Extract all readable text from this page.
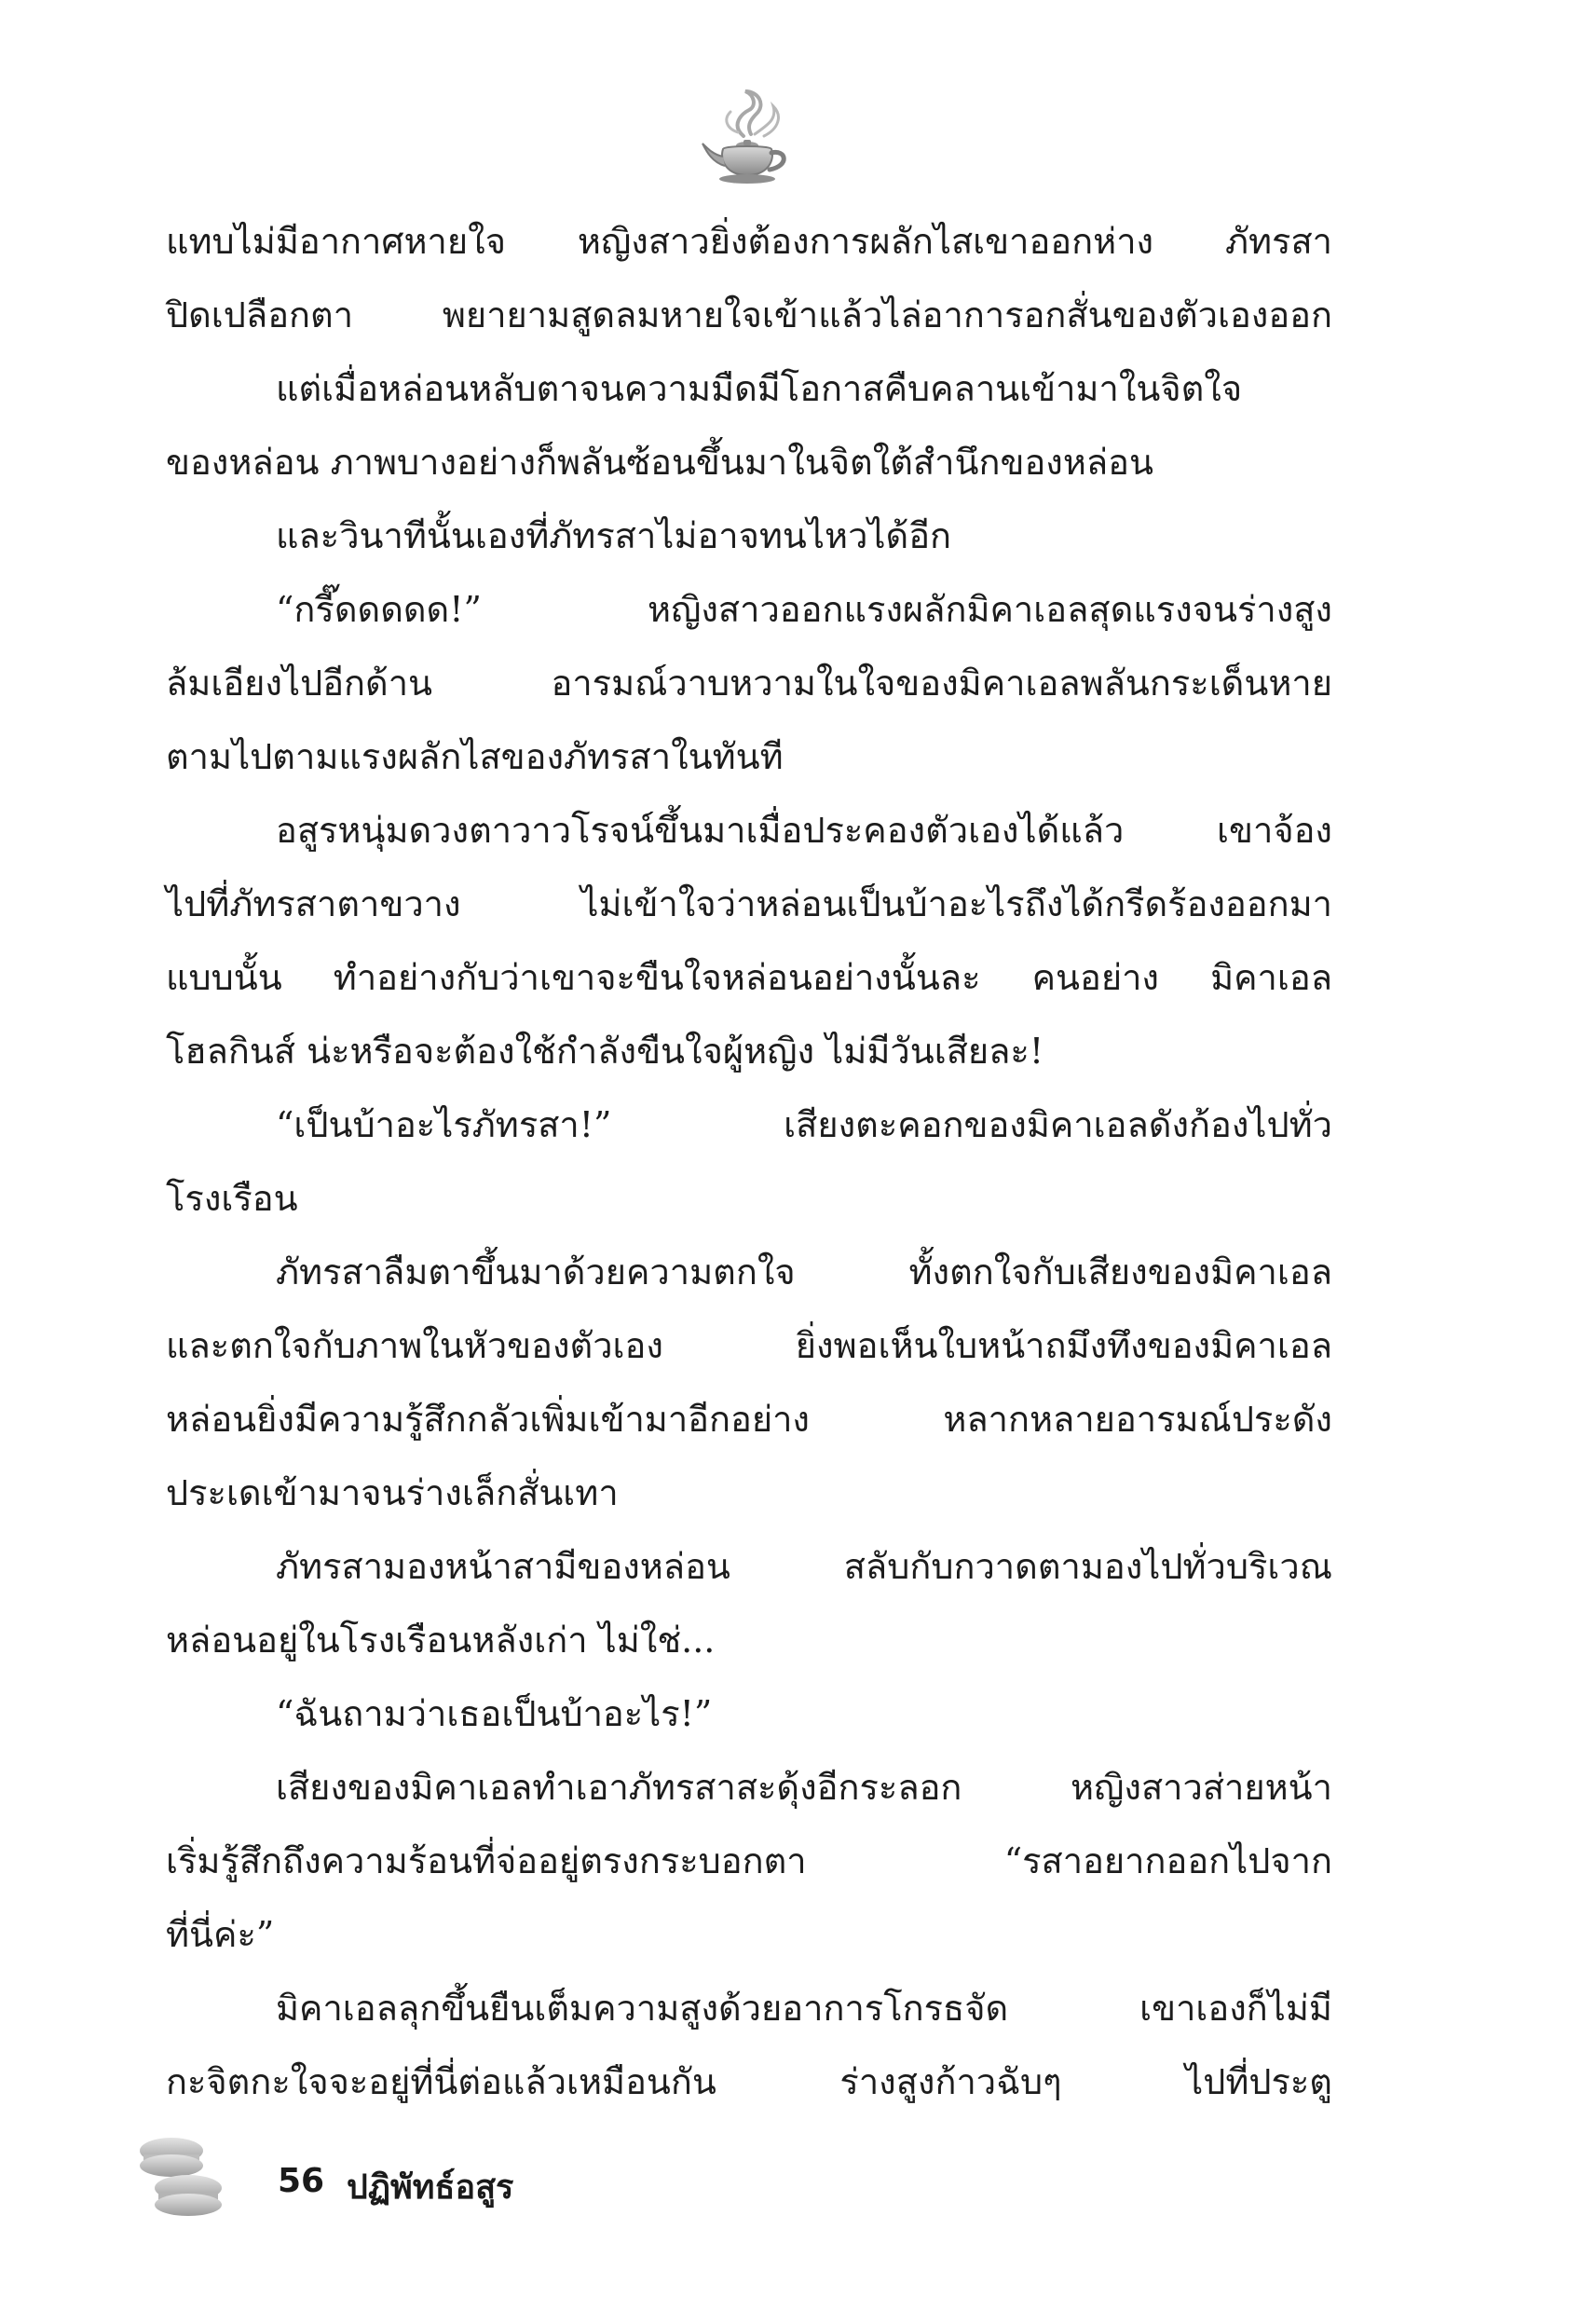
แทบไม่มีอากาศหายใจ หญิงสาวยิ่งต้องการผลักไสเขาออกห่าง ภัทรสา
ปิดเปลือกตา พยายามสูดลมหายใจเข้าแล้วไล่อาการอกสั่นของตัวเองออก
แต่เมื่อหล่อนหลับตาจนความมืดมีโอกาสคืบคลานเข้ามาในจิตใจ
ของหล่อน ภาพบางอย่างก็พลันซ้อนขึ้นมาในจิตใต้สำนึกของหล่อน
และวินาทีนั้นเองที่ภัทรสาไม่อาจทนไหวได้อีก
“กรี๊ดดดดด!” หญิงสาวออกแรงผลักมิคาเอลสุดแรงจนร่างสูง
ล้มเอียงไปอีกด้าน อารมณ์วาบหวามในใจของมิคาเอลพลันกระเด็นหาย
ตามไปตามแรงผลักไสของภัทรสาในทันที
อสูรหนุ่มดวงตาวาวโรจน์ขึ้นมาเมื่อประคองตัวเองได้แล้ว เขาจ้อง
ไปที่ภัทรสาตาขวาง ไม่เข้าใจว่าหล่อนเป็นบ้าอะไรถึงได้กรีดร้องออกมา
แบบนั้น ทำอย่างกับว่าเขาจะขืนใจหล่อนอย่างนั้นละ คนอย่าง มิคาเอล
โฮลกินส์ น่ะหรือจะต้องใช้กำลังขืนใจผู้หญิง ไม่มีวันเสียละ!
“เป็นบ้าอะไรภัทรสา!” เสียงตะคอกของมิคาเอลดังก้องไปทั่ว
โรงเรือน
ภัทรสาลืมตาขึ้นมาด้วยความตกใจ ทั้งตกใจกับเสียงของมิคาเอล
และตกใจกับภาพในหัวของตัวเอง ยิ่งพอเห็นใบหน้าถมึงทึงของมิคาเอล
หล่อนยิ่งมีความรู้สึกกลัวเพิ่มเข้ามาอีกอย่าง หลากหลายอารมณ์ประดัง
ประเดเข้ามาจนร่างเล็กสั่นเทา
ภัทรสามองหน้าสามีของหล่อน สลับกับกวาดตามองไปทั่วบริเวณ
หล่อนอยู่ในโรงเรือนหลังเก่า ไม่ใช่...
“ฉันถามว่าเธอเป็นบ้าอะไร!”
เสียงของมิคาเอลทำเอาภัทรสาสะดุ้งอีกระลอก หญิงสาวส่ายหน้า
เริ่มรู้สึกถึงความร้อนที่จ่ออยู่ตรงกระบอกตา “รสาอยากออกไปจาก
ที่นี่ค่ะ”
มิคาเอลลุกขึ้นยืนเต็มความสูงด้วยอาการโกรธจัด เขาเองก็ไม่มี
กะจิตกะใจจะอยู่ที่นี่ต่อแล้วเหมือนกัน ร่างสูงก้าวฉับๆ ไปที่ประตู
56 ปฏิพัทธ์อสูร
